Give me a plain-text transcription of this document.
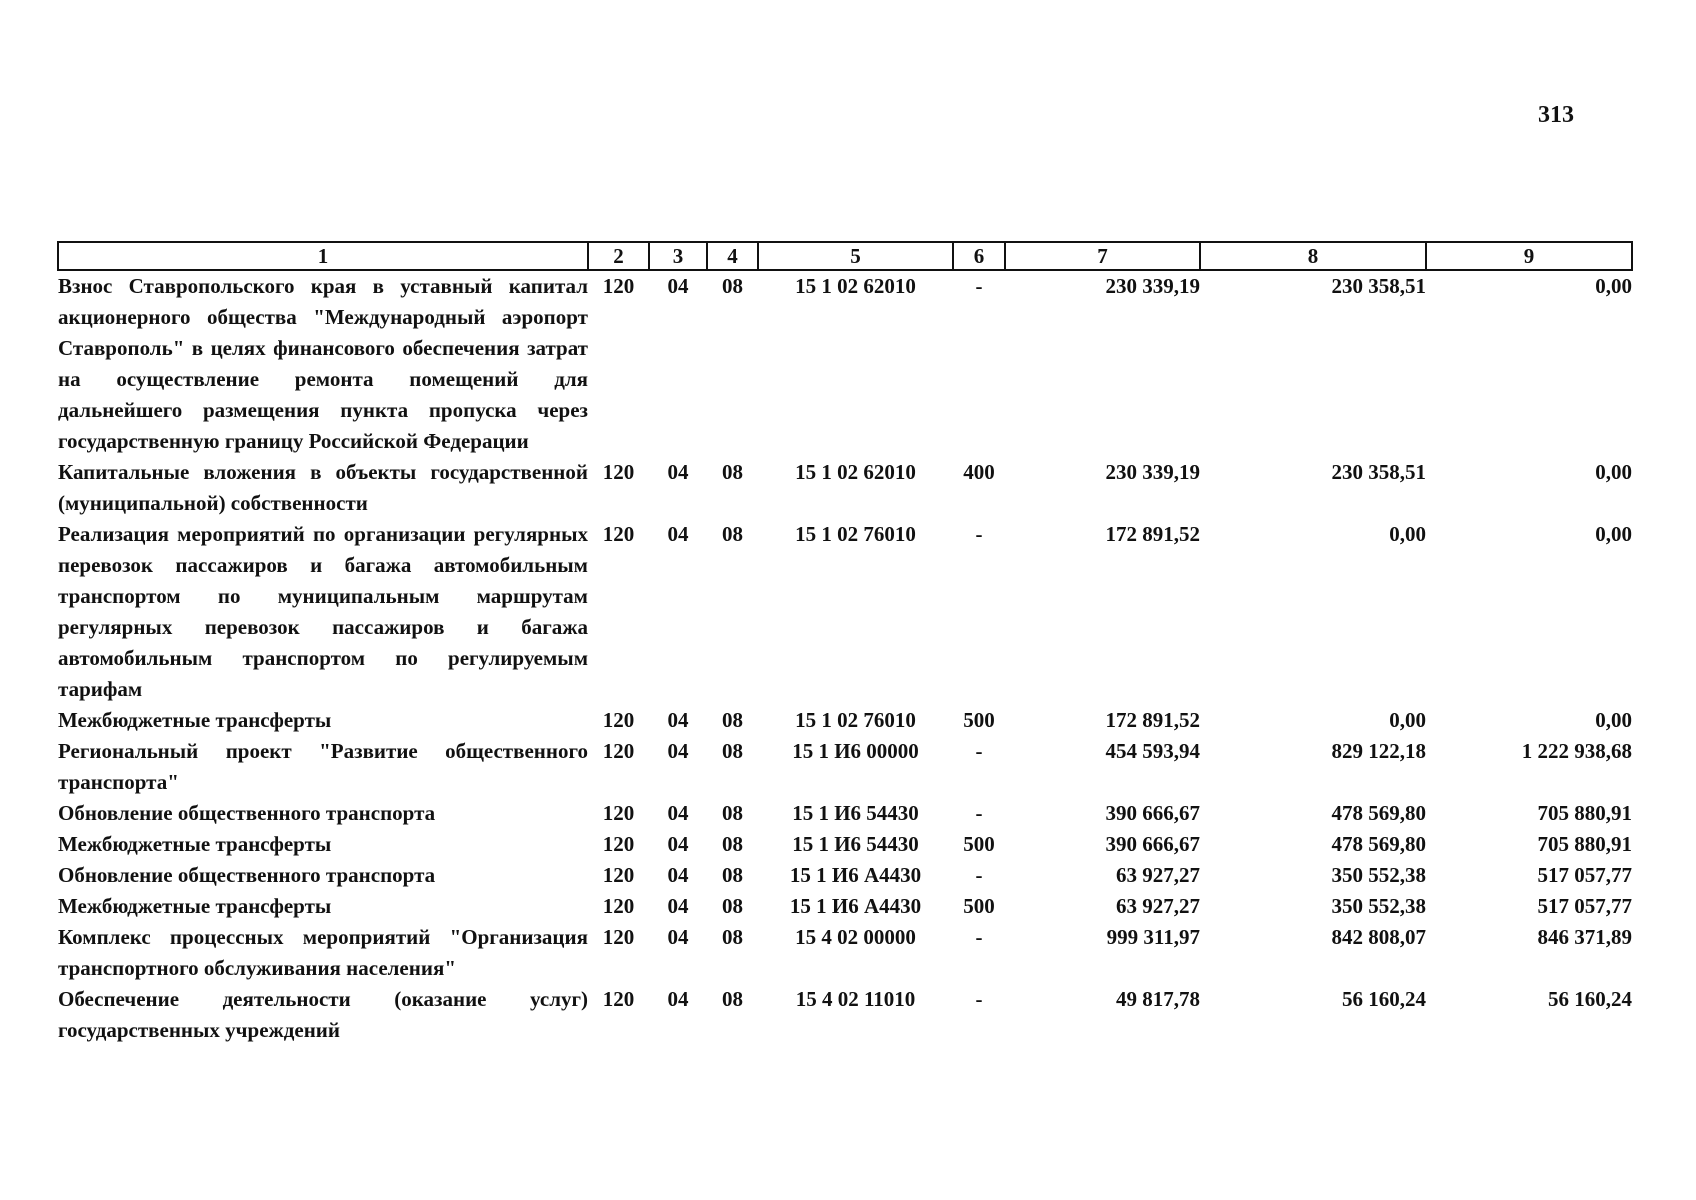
313
1	2	3	4	5	6	7	8	9
Взнос Ставропольского края в уставный капитал акционерного общества "Международный аэропорт Ставрополь" в целях финансового обеспечения затрат на осуществление ремонта помещений для дальнейшего размещения пункта пропуска через государственную границу Российской Федерации	120	04	08	15 1 02 62010	-	230 339,19	230 358,51	0,00
Капитальные вложения в объекты государственной (муниципальной) собственности	120	04	08	15 1 02 62010	400	230 339,19	230 358,51	0,00
Реализация мероприятий по организации регулярных перевозок пассажиров и багажа автомобильным транспортом по муниципальным маршрутам регулярных перевозок пассажиров и багажа автомобильным транспортом по регулируемым тарифам	120	04	08	15 1 02 76010	-	172 891,52	0,00	0,00
Межбюджетные трансферты	120	04	08	15 1 02 76010	500	172 891,52	0,00	0,00
Региональный проект "Развитие общественного транспорта"	120	04	08	15 1 И6 00000	-	454 593,94	829 122,18	1 222 938,68
Обновление общественного транспорта	120	04	08	15 1 И6 54430	-	390 666,67	478 569,80	705 880,91
Межбюджетные трансферты	120	04	08	15 1 И6 54430	500	390 666,67	478 569,80	705 880,91
Обновление общественного транспорта	120	04	08	15 1 И6 А4430	-	63 927,27	350 552,38	517 057,77
Межбюджетные трансферты	120	04	08	15 1 И6 А4430	500	63 927,27	350 552,38	517 057,77
Комплекс процессных мероприятий "Организация транспортного обслуживания населения"	120	04	08	15 4 02 00000	-	999 311,97	842 808,07	846 371,89
Обеспечение деятельности (оказание услуг) государственных учреждений	120	04	08	15 4 02 11010	-	49 817,78	56 160,24	56 160,24
